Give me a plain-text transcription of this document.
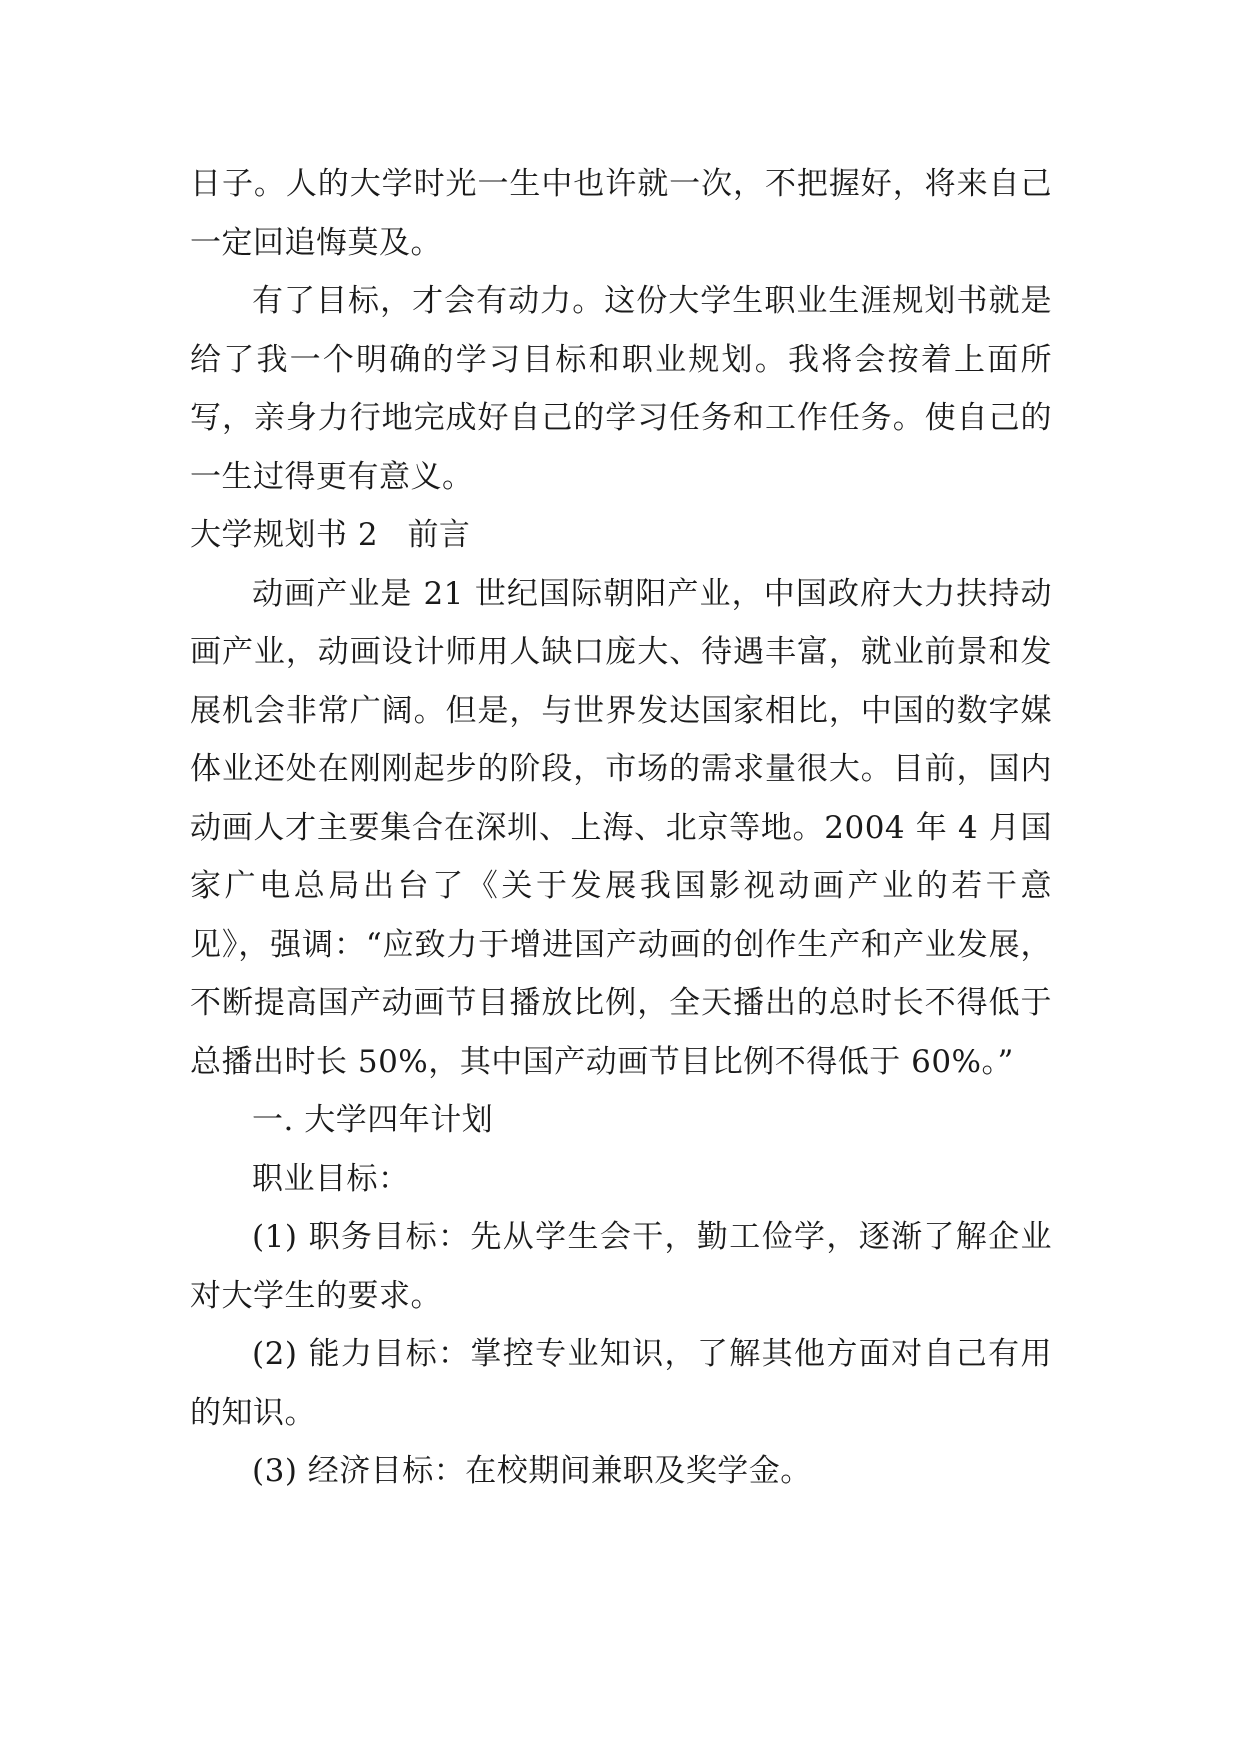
日子。人的大学时光一生中也许就一次，不把握好，将来自己一定回追悔莫及。

有了目标，才会有动力。这份大学生职业生涯规划书就是给了我一个明确的学习目标和职业规划。我将会按着上面所写，亲身力行地完成好自己的学习任务和工作任务。使自己的一生过得更有意义。

大学规划书 2	前言

动画产业是 21 世纪国际朝阳产业，中国政府大力扶持动画产业，动画设计师用人缺口庞大、待遇丰富，就业前景和发展机会非常广阔。但是，与世界发达国家相比，中国的数字媒体业还处在刚刚起步的阶段，市场的需求量很大。目前，国内动画人才主要集合在深圳、上海、北京等地。2004 年 4 月国家广电总局出台了《关于发展我国影视动画产业的若干意见》，强调：“应致力于增进国产动画的创作生产和产业发展，不断提高国产动画节目播放比例，全天播出的总时长不得低于总播出时长 50%，其中国产动画节目比例不得低于 60%。”

一. 大学四年计划

职业目标：

(1) 职务目标：先从学生会干，勤工俭学，逐渐了解企业对大学生的要求。

(2) 能力目标：掌控专业知识，了解其他方面对自己有用的知识。

(3) 经济目标：在校期间兼职及奖学金。
